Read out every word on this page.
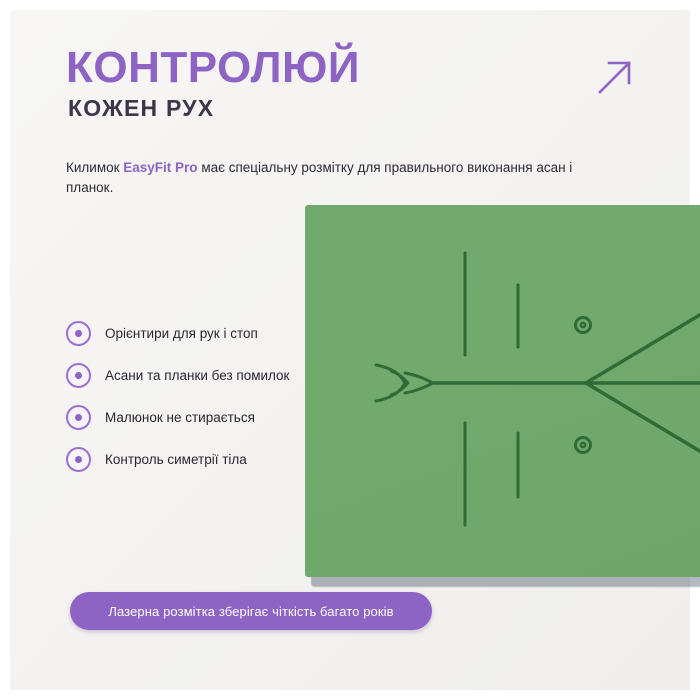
КОНТРОЛЮЙ
КОЖЕН РУХ
Килимок EasyFit Pro має спеціальну розмітку для правильного виконання асан і планок.
Орієнтири для рук і стоп
Асани та планки без помилок
Малюнок не стирається
Контроль симетрії тіла
Лазерна розмітка зберігає чіткість багато років
